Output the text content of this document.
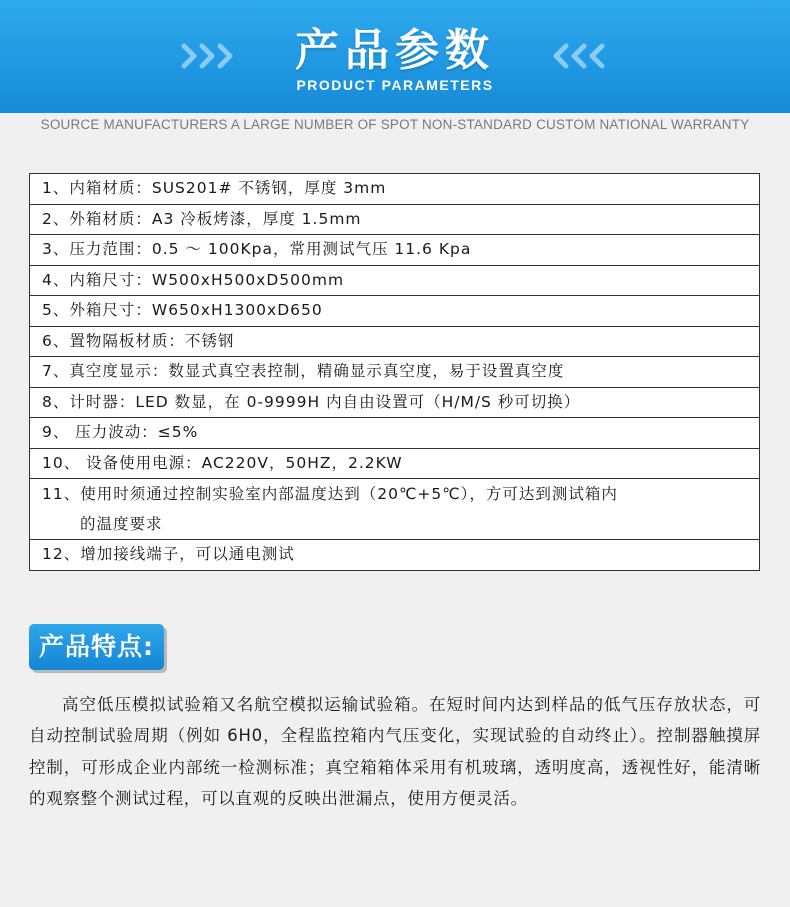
产品参数
PRODUCT PARAMETERS
SOURCE MANUFACTURERS A LARGE NUMBER OF SPOT NON-STANDARD CUSTOM NATIONAL WARRANTY
1、内箱材质：SUS201# 不锈钢，厚度 3mm
2、外箱材质：A3 冷板烤漆，厚度 1.5mm
3、压力范围：0.5 ～ 100Kpa，常用测试气压 11.6 Kpa
4、内箱尺寸：W500xH500xD500mm
5、外箱尺寸：W650xH1300xD650
6、置物隔板材质：不锈钢
7、真空度显示：数显式真空表控制，精确显示真空度，易于设置真空度
8、计时器：LED 数显，在 0-9999H 内自由设置可（H/M/S 秒可切换）
9、 压力波动：≤5%
10、 设备使用电源：AC220V，50HZ，2.2KW
11、使用时须通过控制实验室内部温度达到（20℃+5℃），方可达到测试箱内
的温度要求

12、增加接线端子，可以通电测试
产品特点:

高空低压模拟试验箱又名航空模拟运输试验箱。在短时间内达到样品的低气压存放状态，可自动控制试验周期（例如 6H0，全程监控箱内气压变化，实现试验的自动终止）。控制器触摸屏控制，可形成企业内部统一检测标准；真空箱箱体采用有机玻璃，透明度高，透视性好，能清晰的观察整个测试过程，可以直观的反映出泄漏点，使用方便灵活。
